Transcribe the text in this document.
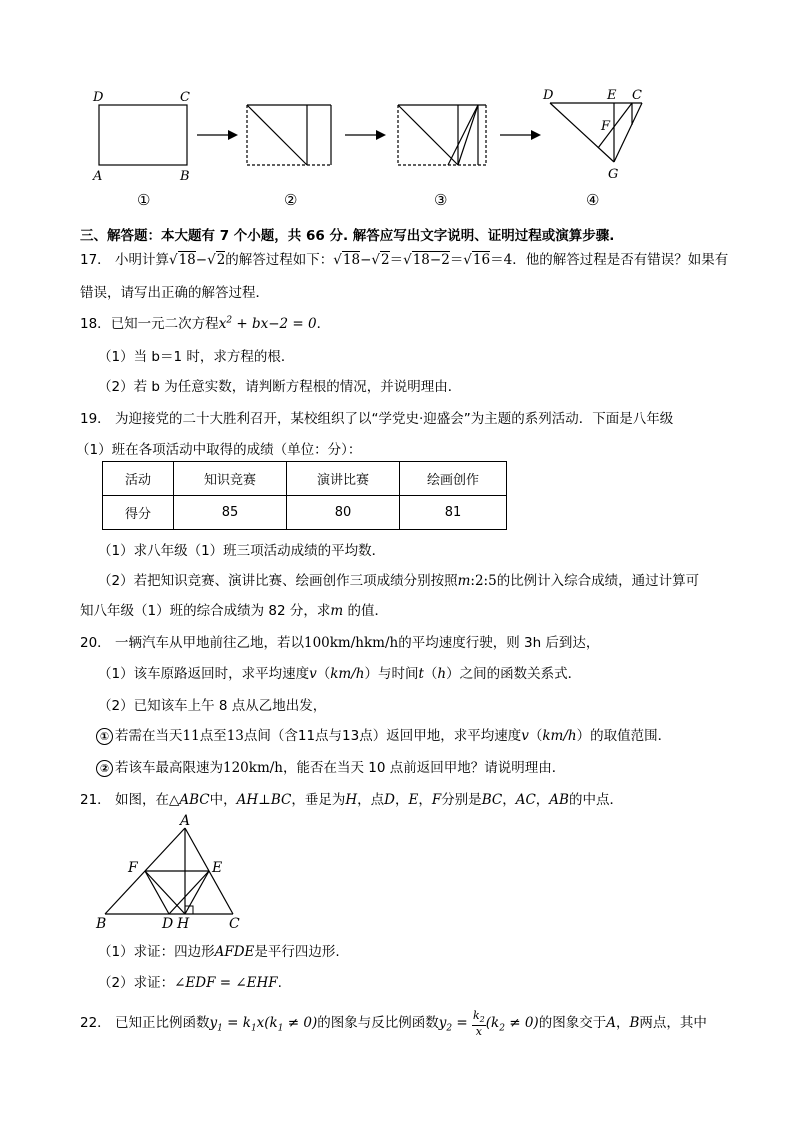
D	C
A	B
①	②	③
D	E C
F
G
④
三、解答题：本大题有 7 个小题，共 66 分. 解答应写出文字说明、证明过程或演算步骤.
17． 小明计算√18−√2的解答过程如下：√18−√2＝√18−2＝√16＝4．他的解答过程是否有错误？如果有
错误，请写出正确的解答过程．
18．已知一元二次方程$x^2 + bx-2 = 0$．
（1）当 b＝1 时，求方程的根．
（2）若 b 为任意实数，请判断方程根的情况，并说明理由．
19． 为迎接党的二十大胜利召开，某校组织了以“学党史·迎盛会”为主题的系列活动．下面是八年级
（1）班在各项活动中取得的成绩（单位：分）：
活动	知识竞赛	演讲比赛	绘画创作
得分	85	80	81
（1）求八年级（1）班三项活动成绩的平均数．
（2）若把知识竞赛、演讲比赛、绘画创作三项成绩分别按照m:2:5的比例计入综合成绩，通过计算可
知八年级（1）班的综合成绩为 82 分，求m 的值．
20． 一辆汽车从甲地前往乙地，若以100km/hkm/h的平均速度行驶，则 3h 后到达，
（1）该车原路返回时，求平均速度v（km/h）与时间t（h）之间的函数关系式．
（2）已知该车上午 8 点从乙地出发，
① 若需在当天11点至13点间（含11点与13点）返回甲地，求平均速度v（km/h）的取值范围．
② 若该车最高限速为120km/h，能否在当天 10 点前返回甲地？请说明理由．
21． 如图，在△ABC中，AH⊥BC，垂足为H，点D，E，F分别是BC，AC，AB的中点．
A
F	E
B	D H	C
（1）求证：四边形AFDE是平行四边形.
（2）求证：∠EDF = ∠EHF.
22． 已知正比例函数$y_1 = k_1x(k_1 \ne 0)$的图象与反比例函数$y_2 = \frac{k_2}{x} (k_2 \ne 0)$的图象交于A，B两点，其中
